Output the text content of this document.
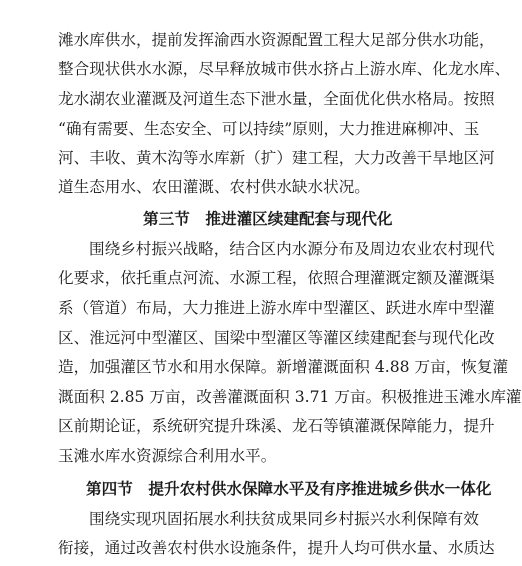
滩水库供水，提前发挥渝西水资源配置工程大足部分供水功能，
整合现状供水水源，尽早释放城市供水挤占上游水库、化龙水库、
龙水湖农业灌溉及河道生态下泄水量，全面优化供水格局。按照
“确有需要、生态安全、可以持续”原则，大力推进麻柳冲、玉
河、丰收、黄木沟等水库新（扩）建工程，大力改善干旱地区河
道生态用水、农田灌溉、农村供水缺水状况。
第三节　推进灌区续建配套与现代化
围绕乡村振兴战略，结合区内水源分布及周边农业农村现代
化要求，依托重点河流、水源工程，依照合理灌溉定额及灌溉渠
系（管道）布局，大力推进上游水库中型灌区、跃进水库中型灌
区、淮远河中型灌区、国梁中型灌区等灌区续建配套与现代化改
造，加强灌区节水和用水保障。新增灌溉面积 4.88 万亩，恢复灌
溉面积 2.85 万亩，改善灌溉面积 3.71 万亩。积极推进玉滩水库灌
区前期论证，系统研究提升珠溪、龙石等镇灌溉保障能力，提升
玉滩水库水资源综合利用水平。
第四节　提升农村供水保障水平及有序推进城乡供水一体化
围绕实现巩固拓展水利扶贫成果同乡村振兴水利保障有效
衔接，通过改善农村供水设施条件，提升人均可供水量、水质达
